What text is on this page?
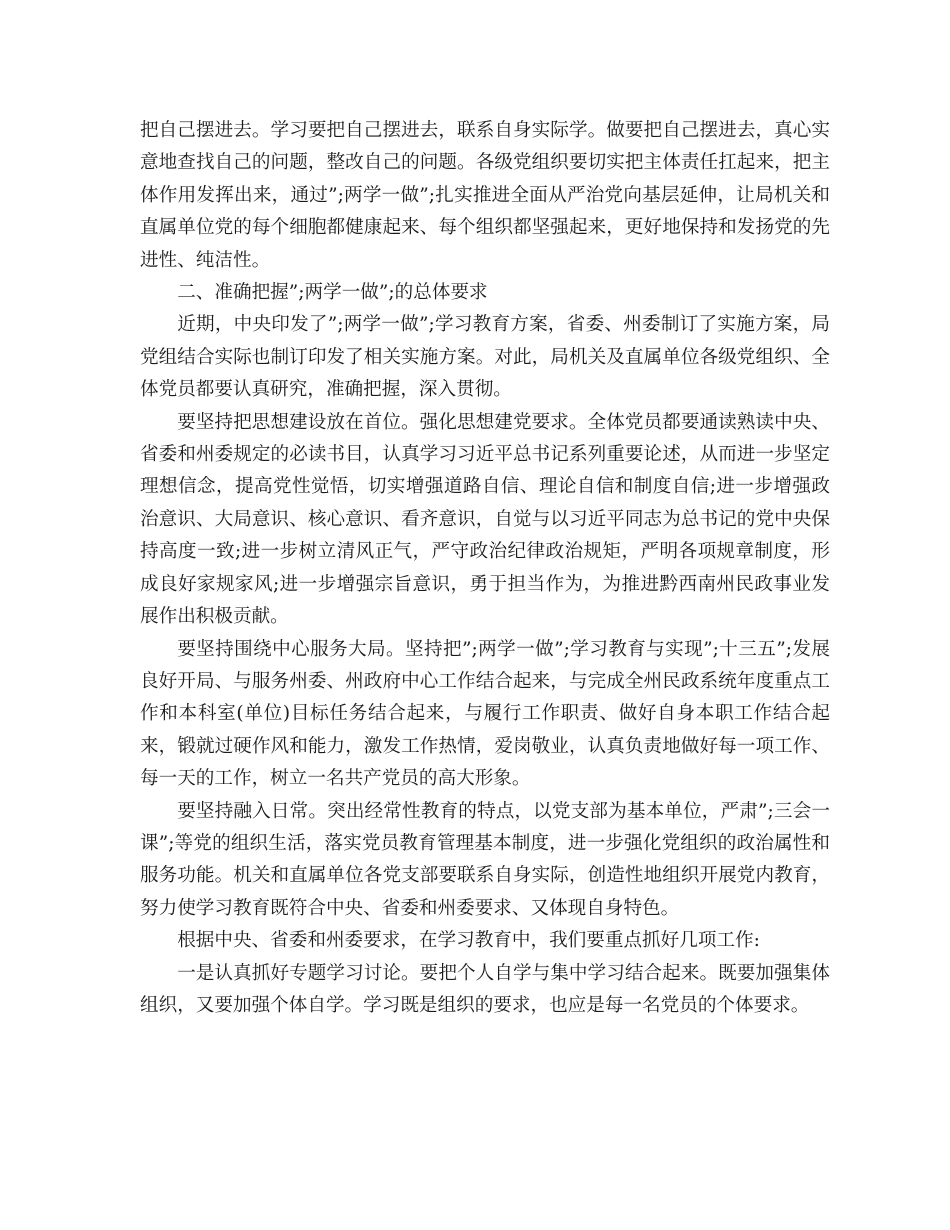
把自己摆进去。学习要把自己摆进去，联系自身实际学。做要把自己摆进去，真心实意地查找自己的问题，整改自己的问题。各级党组织要切实把主体责任扛起来，把主体作用发挥出来，通过”;两学一做”;扎实推进全面从严治党向基层延伸，让局机关和直属单位党的每个细胞都健康起来、每个组织都坚强起来，更好地保持和发扬党的先进性、纯洁性。

二、准确把握”;两学一做”;的总体要求

近期，中央印发了”;两学一做”;学习教育方案，省委、州委制订了实施方案，局党组结合实际也制订印发了相关实施方案。对此，局机关及直属单位各级党组织、全体党员都要认真研究，准确把握，深入贯彻。

要坚持把思想建设放在首位。强化思想建党要求。全体党员都要通读熟读中央、省委和州委规定的必读书目，认真学习习近平总书记系列重要论述，从而进一步坚定理想信念，提高党性觉悟，切实增强道路自信、理论自信和制度自信;进一步增强政治意识、大局意识、核心意识、看齐意识，自觉与以习近平同志为总书记的党中央保持高度一致;进一步树立清风正气，严守政治纪律政治规矩，严明各项规章制度，形成良好家规家风;进一步增强宗旨意识，勇于担当作为，为推进黔西南州民政事业发展作出积极贡献。

要坚持围绕中心服务大局。坚持把”;两学一做”;学习教育与实现”;十三五”;发展良好开局、与服务州委、州政府中心工作结合起来，与完成全州民政系统年度重点工作和本科室(单位)目标任务结合起来，与履行工作职责、做好自身本职工作结合起来，锻就过硬作风和能力，激发工作热情，爱岗敬业，认真负责地做好每一项工作、每一天的工作，树立一名共产党员的高大形象。

要坚持融入日常。突出经常性教育的特点，以党支部为基本单位，严肃”;三会一课”;等党的组织生活，落实党员教育管理基本制度，进一步强化党组织的政治属性和服务功能。机关和直属单位各党支部要联系自身实际，创造性地组织开展党内教育，努力使学习教育既符合中央、省委和州委要求、又体现自身特色。

根据中央、省委和州委要求，在学习教育中，我们要重点抓好几项工作:

一是认真抓好专题学习讨论。要把个人自学与集中学习结合起来。既要加强集体组织，又要加强个体自学。学习既是组织的要求，也应是每一名党员的个体要求。
